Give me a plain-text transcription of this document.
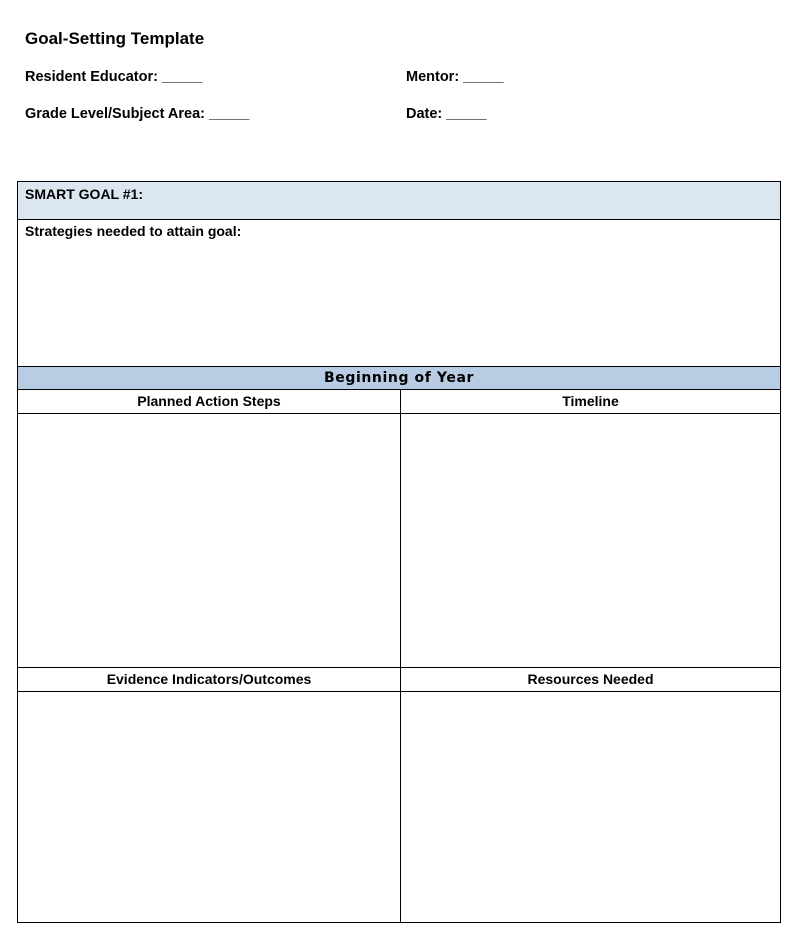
Goal-Setting Template
Resident Educator: _____	Mentor: _____
Grade Level/Subject Area: _____	Date: _____
SMART GOAL #1:
Strategies needed to attain goal:
Beginning of Year
Planned Action Steps	Timeline
Evidence Indicators/Outcomes	Resources Needed
